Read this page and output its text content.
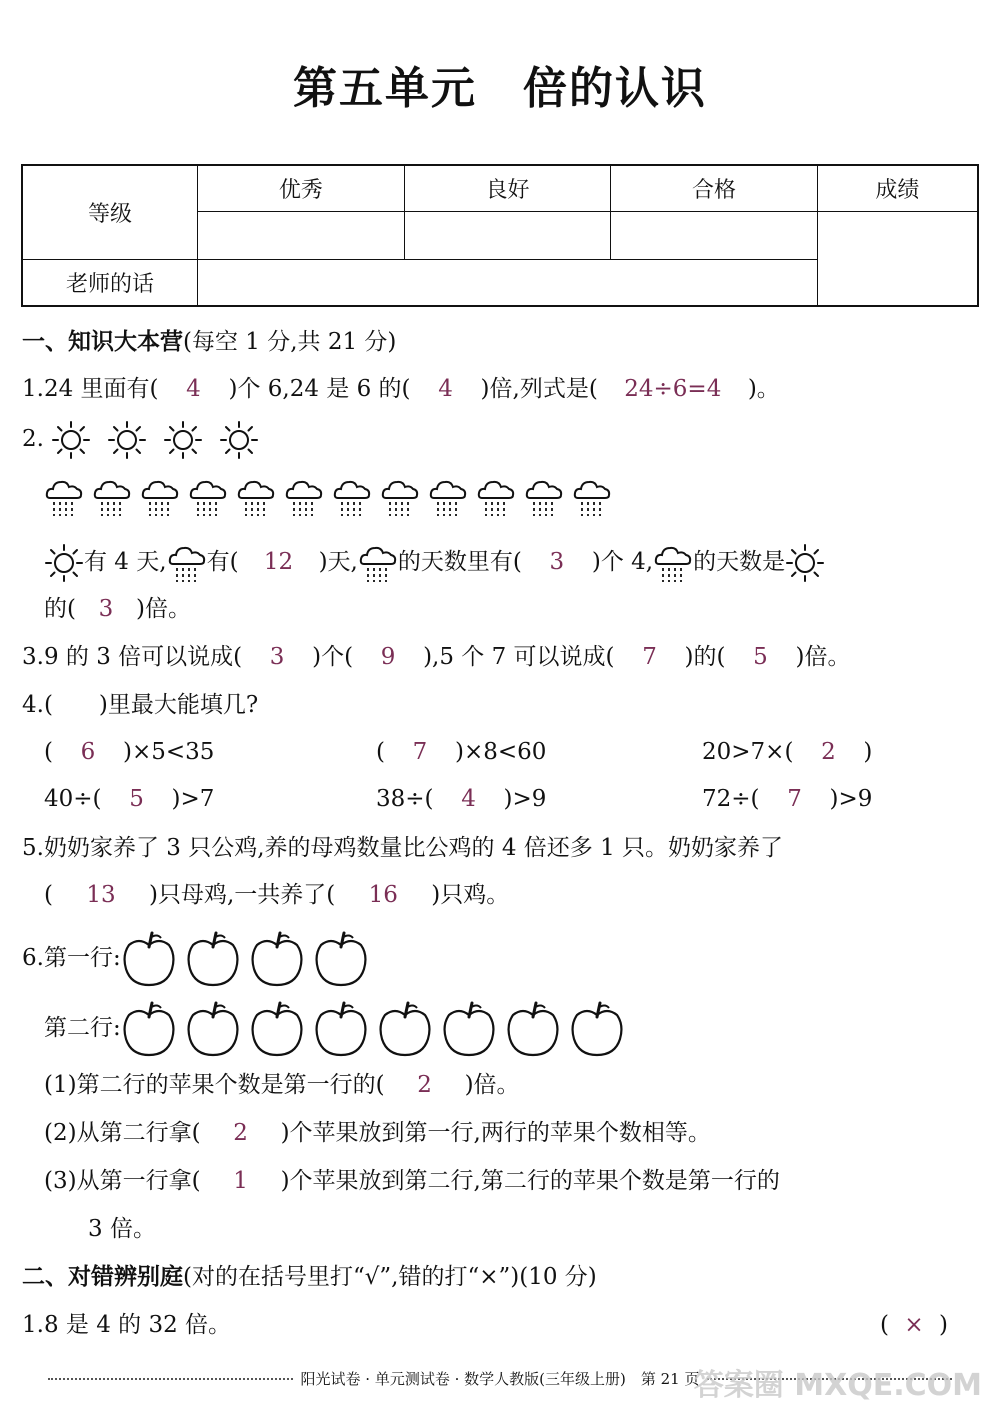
第五单元　倍的认识
等级	优秀	良好	合格	成绩

老师的话				
一、知识大本营(每空 1 分,共 21 分)
1.24 里面有( 4 )个 6,24 是 6 的( 4 )倍,列式是( 24÷6=4 )。
2.
有 4 天, 有( 12 )天, 的天数里有( 3 )个 4, 的天数是
的( 3 )倍。
3.9 的 3 倍可以说成( 3 )个( 9 ),5 个 7 可以说成( 7 )的( 5 )倍。
4.(　　)里最大能填几?
( 6 )×5<35	( 7 )×8<60	20>7×( 2 )
40÷( 5 )>7	38÷( 4 )>9	72÷( 7 )>9
5.奶奶家养了 3 只公鸡,养的母鸡数量比公鸡的 4 倍还多 1 只。奶奶家养了
( 13 )只母鸡,一共养了( 16 )只鸡。
6.第一行:
第二行:
(1)第二行的苹果个数是第一行的( 2 )倍。
(2)从第二行拿( 2 )个苹果放到第一行,两行的苹果个数相等。
(3)从第一行拿( 1 )个苹果放到第二行,第二行的苹果个数是第一行的
3 倍。
二、对错辨别庭(对的在括号里打“√”,错的打“×”)(10 分)
1.8 是 4 的 32 倍。	( × )
阳光试卷 · 单元测试卷 · 数学人教版(三年级上册)　第 21 页
答案圈 MXQE.COM
